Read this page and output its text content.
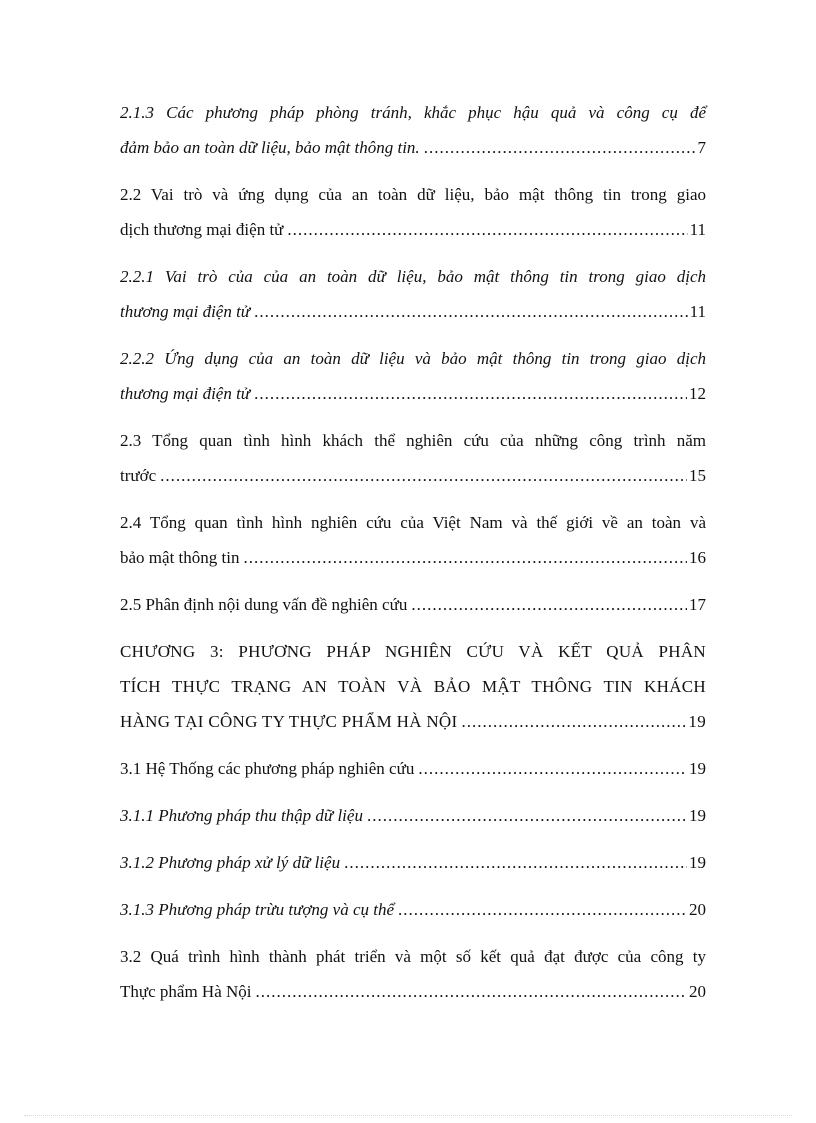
2.1.3 Các phương pháp phòng tránh, khắc phục hậu quả và công cụ để
đảm bảo an toàn dữ liệu, bảo mật thông tin. .....	7
2.2 Vai trò và ứng dụng của an toàn dữ liệu, bảo mật thông tin trong giao
dịch thương mại điện tử .....	11
2.2.1 Vai trò của của an toàn dữ liệu, bảo mật thông tin trong giao dịch
thương mại điện tử .....	11
2.2.2 Ứng dụng của an toàn dữ liệu và bảo mật thông tin trong giao dịch
thương mại điện tử .....	12
2.3 Tổng quan tình hình khách thể nghiên cứu của những công trình năm
trước .....	15
2.4 Tổng quan tình hình nghiên cứu của Việt Nam và thế giới về an toàn và
bảo mật thông tin .....	16
2.5 Phân định nội dung vấn đề nghiên cứu .....	17
CHƯƠNG 3: PHƯƠNG PHÁP NGHIÊN CỨU VÀ KẾT QUẢ PHÂN
TÍCH THỰC TRẠNG AN TOÀN VÀ BẢO MẬT THÔNG TIN KHÁCH
HÀNG TẠI CÔNG TY THỰC PHẨM HÀ NỘI .....	19
3.1 Hệ Thống các phương pháp nghiên cứu .....	19
3.1.1 Phương pháp thu thập dữ liệu .....	19
3.1.2 Phương pháp xử lý dữ liệu .....	19
3.1.3 Phương pháp trừu tượng và cụ thể .....	20
3.2 Quá trình hình thành phát triển và một số kết quả đạt được của công ty
Thực phẩm Hà Nội .....	20
